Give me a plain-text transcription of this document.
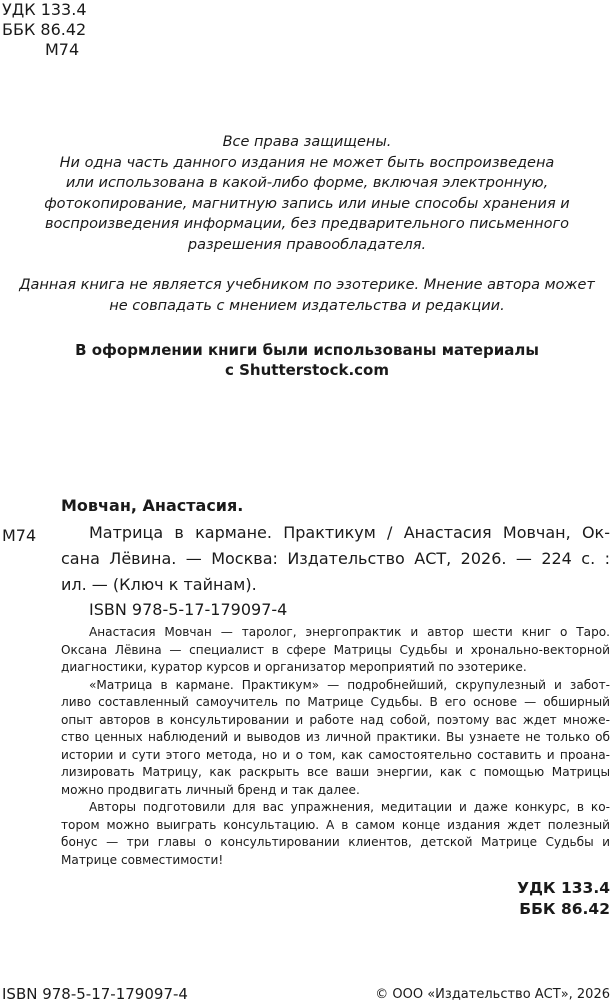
УДК 133.4
ББК 86.42
М74

Все права защищены.

Ни одна часть данного издания не может быть воспроизведена

или использована в какой-либо форме, включая электронную,

фотокопирование, магнитную запись или иные способы хранения и

воспроизведения информации, без предварительного письменного

разрешения правообладателя.

Данная книга не является учебником по эзотерике. Мнение автора может

не совпадать с мнением издательства и редакции.

В оформлении книги были использованы материалы

с Shutterstock.com

Мовчан, Анастасия.
М74	Матрица в кармане. Практикум / Анастасия Мовчан, Ок-
сана Лёвина. — Москва: Издательство АСТ, 2026. — 224 с. :
ил. — (Ключ к тайнам).
ISBN 978-5-17-179097-4
Анастасия Мовчан — таролог, энергопрактик и автор шести книг о Таро.
Оксана Лёвина — специалист в сфере Матрицы Судьбы и хронально-векторной
диагностики, куратор курсов и организатор мероприятий по эзотерике.
«Матрица в кармане. Практикум» — подробнейший, скрупулезный и забот-
ливо составленный самоучитель по Матрице Судьбы. В его основе — обширный
опыт авторов в консультировании и работе над собой, поэтому вас ждет множе-
ство ценных наблюдений и выводов из личной практики. Вы узнаете не только об
истории и сути этого метода, но и о том, как самостоятельно составить и проана-
лизировать Матрицу, как раскрыть все ваши энергии, как с помощью Матрицы
можно продвигать личный бренд и так далее.
Авторы подготовили для вас упражнения, медитации и даже конкурс, в ко-
тором можно выиграть консультацию. А в самом конце издания ждет полезный
бонус — три главы о консультировании клиентов, детской Матрице Судьбы и
Матрице совместимости!
УДК 133.4
ББК 86.42
ISBN 978-5-17-179097-4	© ООО «Издательство АСТ», 2026
